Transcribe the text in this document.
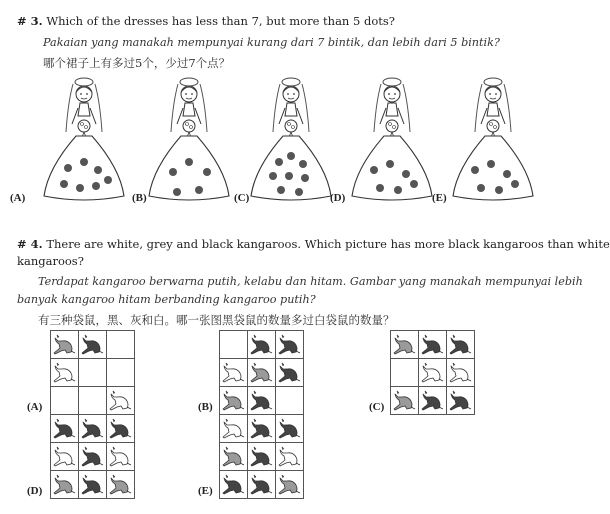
# 3. Which of the dresses has less than 7, but more than 5 dots?
Pakaian yang manakah mempunyai kurang dari 7 bintik, dan lebih dari 5 bintik?
哪个裙子上有多过5个，少过7个点？
(A)	(B)	(C)	(D)	(E)
# 4. There are white, grey and black kangaroos. Which picture has more black kangaroos than white
kangaroos?
Terdapat kangaroo berwarna putih, kelabu dan hitam. Gambar yang manakah mempunyai lebih
banyak kangaroo hitam berbanding kangaroo putih?
有三种袋鼠，黑、灰和白。哪一张图黑袋鼠的数量多过白袋鼠的数量？

(A)

		(B)

		(C)

(D)

		(E)
